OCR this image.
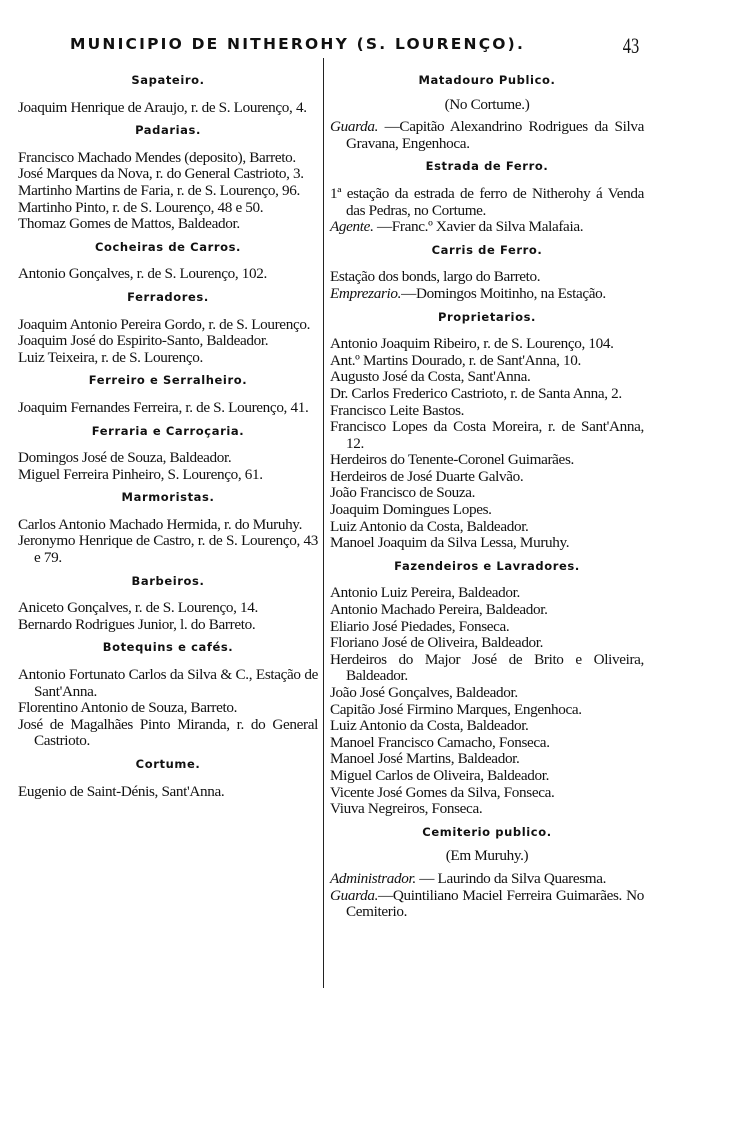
MUNICIPIO DE NITHEROHY (S. LOURENÇO).	43
Sapateiro.
Joaquim Henrique de Araujo, r. de S. Lourenço, 4.
Padarias.
Francisco Machado Mendes (deposito), Barreto.
José Marques da Nova, r. do General Castrioto, 3.
Martinho Martins de Faria, r. de S. Lourenço, 96.
Martinho Pinto, r. de S. Lourenço, 48 e 50.
Thomaz Gomes de Mattos, Baldeador.
Cocheiras de Carros.
Antonio Gonçalves, r. de S. Lourenço, 102.
Ferradores.
Joaquim Antonio Pereira Gordo, r. de S. Lourenço.
Joaquim José do Espirito-Santo, Baldeador.
Luiz Teixeira, r. de S. Lourenço.
Ferreiro e Serralheiro.
Joaquim Fernandes Ferreira, r. de S. Lourenço, 41.
Ferraria e Carroçaria.
Domingos José de Souza, Baldeador.
Miguel Ferreira Pinheiro, S. Lourenço, 61.
Marmoristas.
Carlos Antonio Machado Hermida, r. do Muruhy.
Jeronymo Henrique de Castro, r. de S. Lourenço, 43 e 79.
Barbeiros.
Aniceto Gonçalves, r. de S. Lourenço, 14.
Bernardo Rodrigues Junior, l. do Barreto.
Botequins e cafés.
Antonio Fortunato Carlos da Silva & C., Estação de Sant'Anna.
Florentino Antonio de Souza, Barreto.
José de Magalhães Pinto Miranda, r. do General Castrioto.
Cortume.
Eugenio de Saint-Dénis, Sant'Anna.
Matadouro Publico.
(No Cortume.)
Guarda. —Capitão Alexandrino Rodrigues da Silva Gravana, Engenhoca.
Estrada de Ferro.
1ª estação da estrada de ferro de Nitherohy á Venda das Pedras, no Cortume.
Agente. —Franc.º Xavier da Silva Malafaia.
Carris de Ferro.
Estação dos bonds, largo do Barreto.
Emprezario.—Domingos Moitinho, na Estação.
Proprietarios.
Antonio Joaquim Ribeiro, r. de S. Lourenço, 104.
Ant.º Martins Dourado, r. de Sant'Anna, 10.
Augusto José da Costa, Sant'Anna.
Dr. Carlos Frederico Castrioto, r. de Santa Anna, 2.
Francisco Leite Bastos.
Francisco Lopes da Costa Moreira, r. de Sant'Anna, 12.
Herdeiros do Tenente-Coronel Guimarães.
Herdeiros de José Duarte Galvão.
João Francisco de Souza.
Joaquim Domingues Lopes.
Luiz Antonio da Costa, Baldeador.
Manoel Joaquim da Silva Lessa, Muruhy.
Fazendeiros e Lavradores.
Antonio Luiz Pereira, Baldeador.
Antonio Machado Pereira, Baldeador.
Eliario José Piedades, Fonseca.
Floriano José de Oliveira, Baldeador.
Herdeiros do Major José de Brito e Oliveira, Baldeador.
João José Gonçalves, Baldeador.
Capitão José Firmino Marques, Engenhoca.
Luiz Antonio da Costa, Baldeador.
Manoel Francisco Camacho, Fonseca.
Manoel José Martins, Baldeador.
Miguel Carlos de Oliveira, Baldeador.
Vicente José Gomes da Silva, Fonseca.
Viuva Negreiros, Fonseca.
Cemiterio publico.
(Em Muruhy.)
Administrador. — Laurindo da Silva Quaresma.
Guarda.—Quintiliano Maciel Ferreira Guimarães. No Cemiterio.
